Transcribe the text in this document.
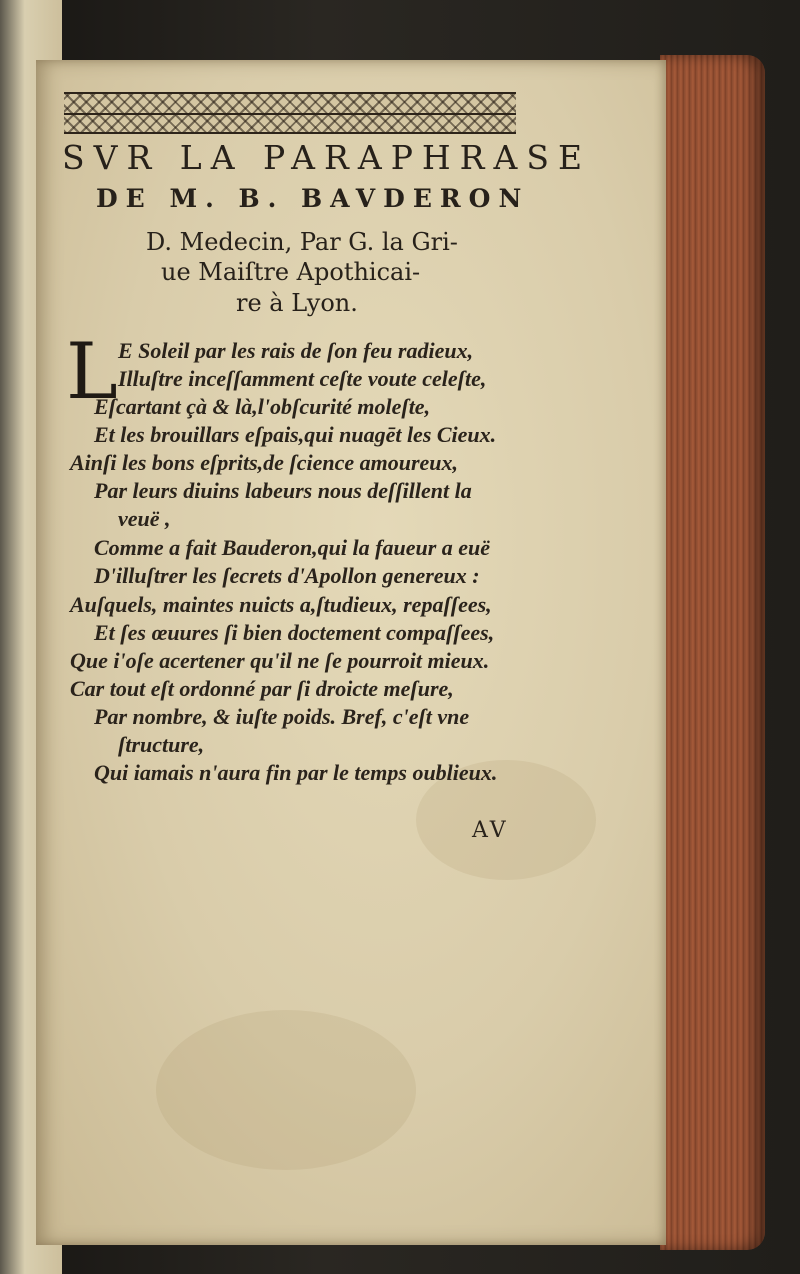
SVR LA PARAPHRASE
DE M. B. BAVDERON
D. Medecin, Par G. la Gri-
ue Maiſtre Apothicai-
re à Lyon.
L E Soleil par les rais de ſon feu radieux,
Illuſtre inceſſamment ceſte voute celeſte,
Eſcartant çà & là,l'obſcurité moleſte,
Et les brouillars eſpais,qui nuagēt les Cieux.
Ainſi les bons eſprits,de ſcience amoureux,
Par leurs diuins labeurs nous deſſillent la
veuë ,
Comme a fait Bauderon,qui la faueur a euë
D'illuſtrer les ſecrets d'Apollon genereux :
Auſquels, maintes nuicts a,ſtudieux, repaſſees,
Et ſes œuures ſi bien doctement compaſſees,
Que i'oſe acertener qu'il ne ſe pourroit mieux.
Car tout eſt ordonné par ſi droicte meſure,
Par nombre, & iuſte poids. Bref, c'eſt vne
ſtructure,
Qui iamais n'aura fin par le temps oublieux.
AV
